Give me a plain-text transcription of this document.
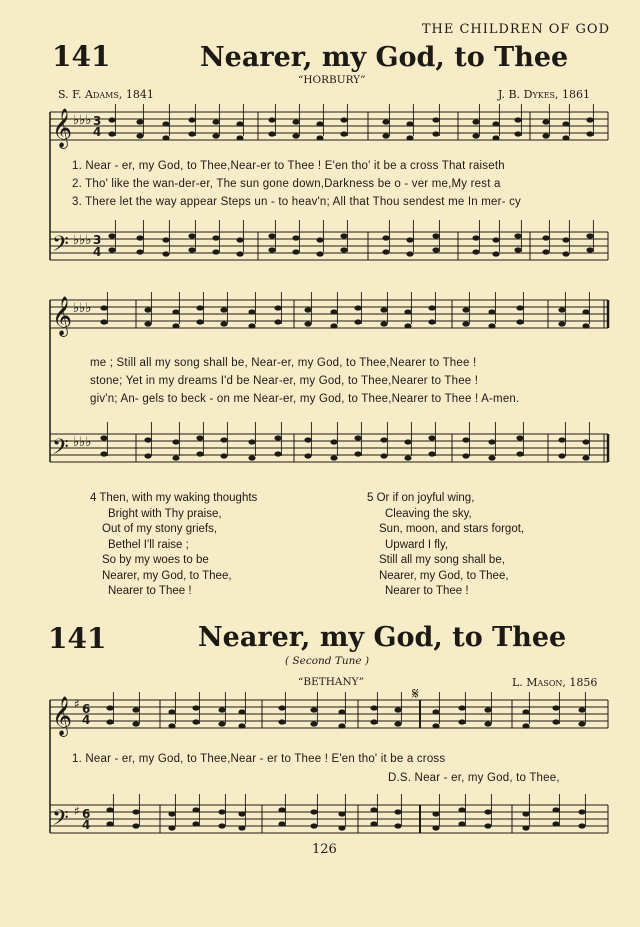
THE CHILDREN OF GOD
141	Nearer, my God, to Thee
“HORBURY”
S. F. Adams, 1841	J. B. Dykes, 1861
𝄞
𝄢
♭♭♭
♭♭♭
3
4
3
4
𝄞
𝄢
♭♭♭
♭♭♭
𝄞
𝄢
♯
♯
6
4
6
4
1. Near - er, my God, to Thee,Near-er to Thee ! E'en tho' it be a cross That raiseth
2. Tho' like the wan-der-er, The sun gone down,Darkness be o - ver me,My rest a
3. There let the way appear Steps un - to heav'n; All that Thou sendest me In mer- cy
me ; Still all my song shall be, Near-er, my God, to Thee,Nearer to Thee !
stone; Yet in my dreams I'd be Near-er, my God, to Thee,Nearer to Thee !
giv'n; An- gels to beck - on me Near-er, my God, to Thee,Nearer to Thee ! A-men.
4 Then, with my waking thoughts
Bright with Thy praise,
Out of my stony griefs,
Bethel I'll raise ;
So by my woes to be
Nearer, my God, to Thee,
Nearer to Thee !
5 Or if on joyful wing,
Cleaving the sky,
Sun, moon, and stars forgot,
Upward I fly,
Still all my song shall be,
Nearer, my God, to Thee,
Nearer to Thee !
141	Nearer, my God, to Thee
( Second Tune )
“BETHANY”	L. Mason, 1856
𝄋
1. Near - er, my God, to Thee,Near - er to Thee ! E'en tho' it be a cross
D.S. Near - er, my God, to Thee,
126
